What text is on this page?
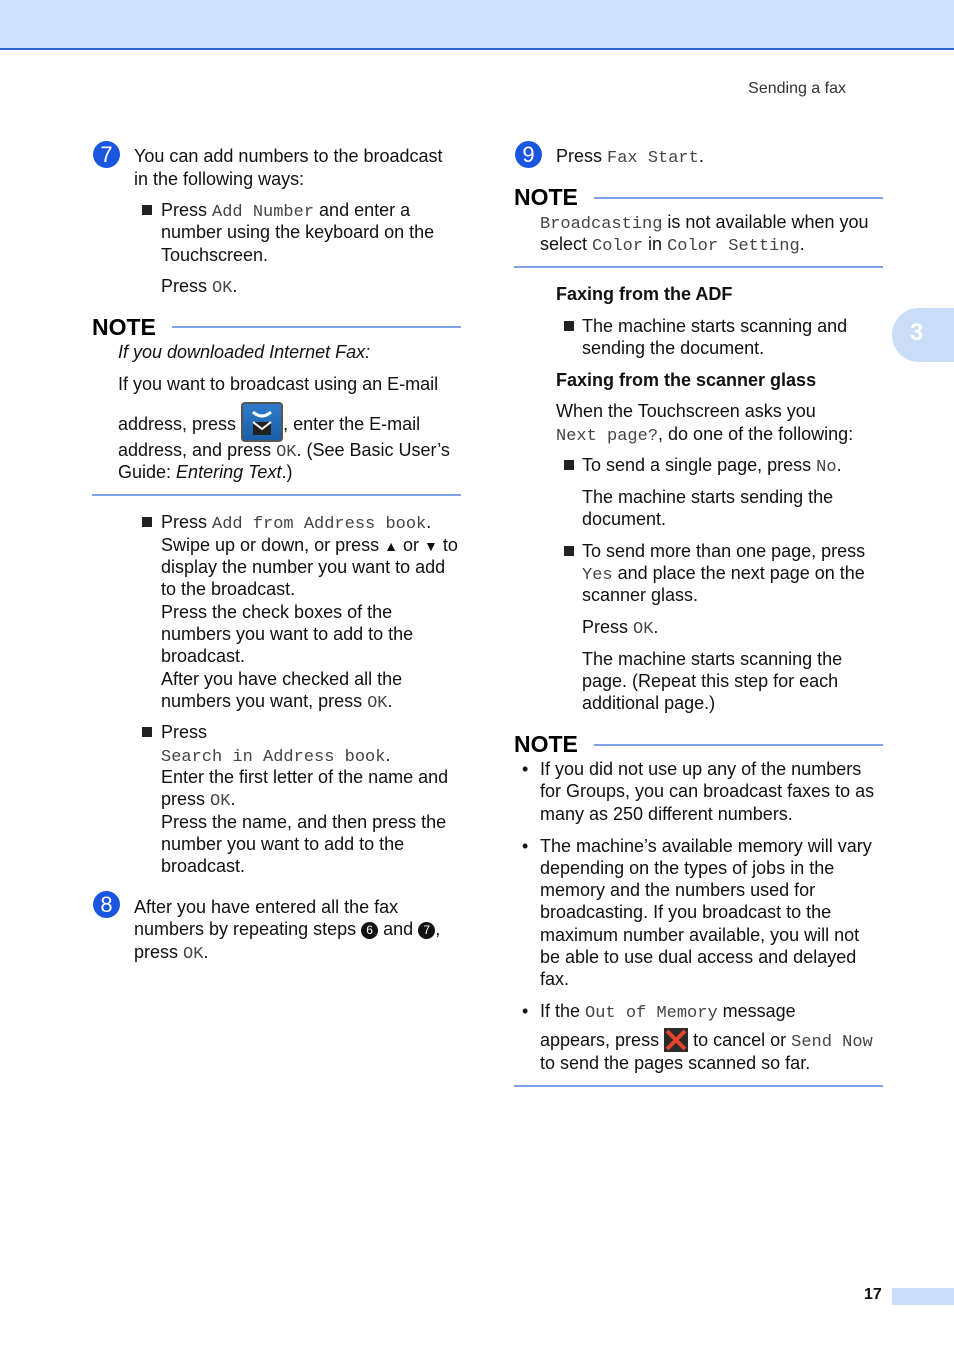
Sending a fax
3
7	You can add numbers to the broadcast
in the following ways:
Press Add Number and enter a
number using the keyboard on the
Touchscreen.
Press OK.
NOTE
If you downloaded Internet Fax:
If you want to broadcast using an E-mail
address, press
, enter the E-mail
address, and press OK. (See Basic User’s
Guide: Entering Text.)
Press Add from Address book.
Swipe up or down, or press ▲ or ▼ to
display the number you want to add
to the broadcast.
Press the check boxes of the
numbers you want to add to the
broadcast.
After you have checked all the
numbers you want, press OK.
Press
Search in Address book.
Enter the first letter of the name and
press OK.
Press the name, and then press the
number you want to add to the
broadcast.
8	After you have entered all the fax
numbers by repeating steps 6 and 7 ,
press OK.
9	Press Fax Start.
NOTE
Broadcasting is not available when you
select Color in Color Setting.
Faxing from the ADF
The machine starts scanning and
sending the document.
Faxing from the scanner glass
When the Touchscreen asks you
Next page?, do one of the following:
To send a single page, press No.
The machine starts sending the
document.
To send more than one page, press
Yes and place the next page on the
scanner glass.
Press OK.
The machine starts scanning the
page. (Repeat this step for each
additional page.)
NOTE
• If you did not use up any of the numbers
for Groups, you can broadcast faxes to as
many as 250 different numbers.
• The machine’s available memory will vary
depending on the types of jobs in the
memory and the numbers used for
broadcasting. If you broadcast to the
maximum number available, you will not
be able to use dual access and delayed
fax.
• If the Out of Memory message
appears, press
to cancel or Send Now
to send the pages scanned so far.
17
